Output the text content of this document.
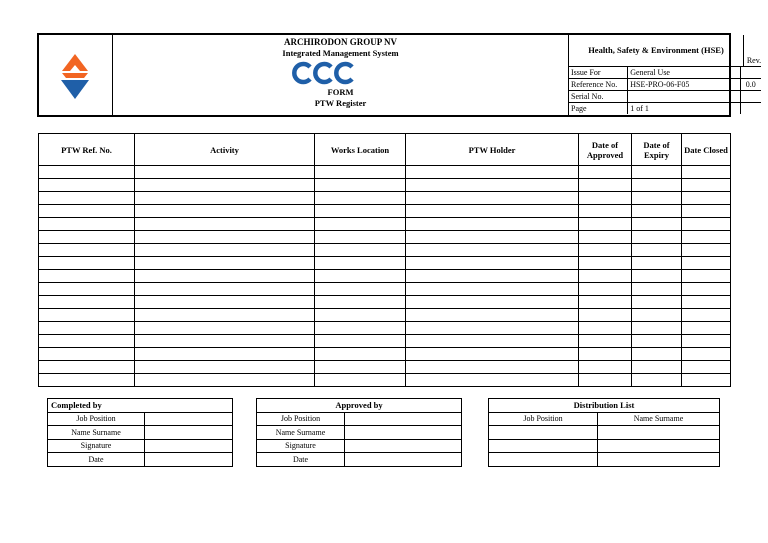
ARCHIRODON GROUP NV
Integrated Management System
FORM
PTW Register
Health, Safety & Environment (HSE)
Rev.
Issue For	General Use	
Reference No.	HSE-PRO-06-F05	0.0
Serial No.		
Page	1 of 1	
PTW Ref. No.	Activity	Works Location	PTW Holder	Date of Approved	Date of Expiry	Date Closed

Completed by	
Job Position	
Name Surname	
Signature	
Date	
Approved by	
Job Position	
Name Surname	
Signature	
Date	
Distribution List	
Job Position	Name Surname
